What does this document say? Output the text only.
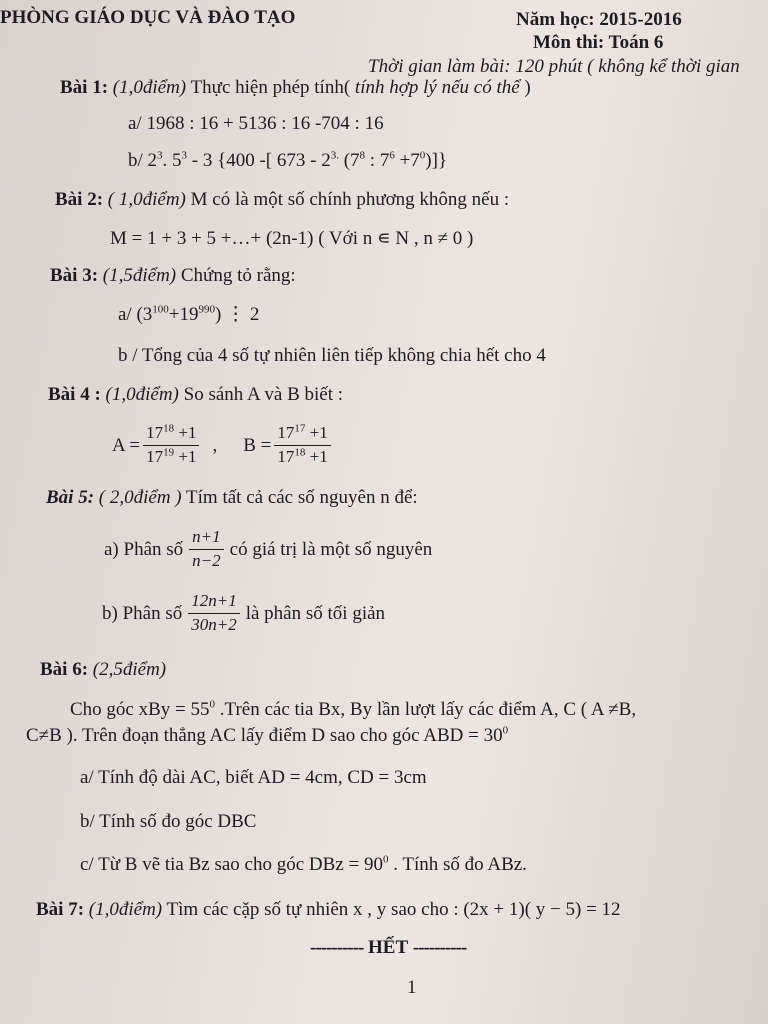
PHÒNG GIÁO DỤC VÀ ĐÀO TẠO	Năm học: 2015-2016
Môn thi: Toán 6
Thời gian làm bài: 120 phút ( không kể thời gian
Bài 1: (1,0điểm) Thực hiện phép tính( tính hợp lý nếu có thể )
a/ 1968 : 16 + 5136 : 16 -704 : 16
b/ $2^3$. $5^3 - 3$ {400 -[ $673 - 2^{3.}$ ($7^8$ : $7^6 +7^0$)]}
Bài 2: ( 1,0điểm) M có là một số chính phương không nếu :
M = 1 + 3 + 5 +…+ (2n-1) ( Với n ∊ N , n ≠ 0 )
Bài 3: (1,5điểm) Chứng tỏ rằng:
a/ $(3^{100}+19^{990})$ ⋮ 2
b / Tổng của 4 số tự nhiên liên tiếp không chia hết cho 4
Bài 4 : (1,0điểm) So sánh A và B biết :
$A = \frac{17^{18} +1}{17^{19} +1}$ , $B = \frac{17^{17} +1}{17^{18} +1}$
Bài 5: ( 2,0điểm ) Tím tất cả các số nguyên n để:
a) Phân số $\frac{n+1}{n-2}$ có giá trị là một số nguyên
b) Phân số $\frac{12n+1}{30n+2}$ là phân số tối giản
Bài 6: (2,5điểm)
Cho góc xBy = $55^0$ .Trên các tia Bx, By lần lượt lấy các điểm A, C ( A ≠B,
C≠B ). Trên đoạn thẳng AC lấy điểm D sao cho góc ABD = $30^0$
a/ Tính độ dài AC, biết AD = 4cm, CD = 3cm
b/ Tính số đo góc DBC
c/ Từ B vẽ tia Bz sao cho góc DBz = $90^0$ . Tính số đo ABz.
Bài 7: (1,0điểm) Tìm các cặp số tự nhiên x , y sao cho : (2x + 1)( y − 5) = 12
---------- HẾT ----------
1
